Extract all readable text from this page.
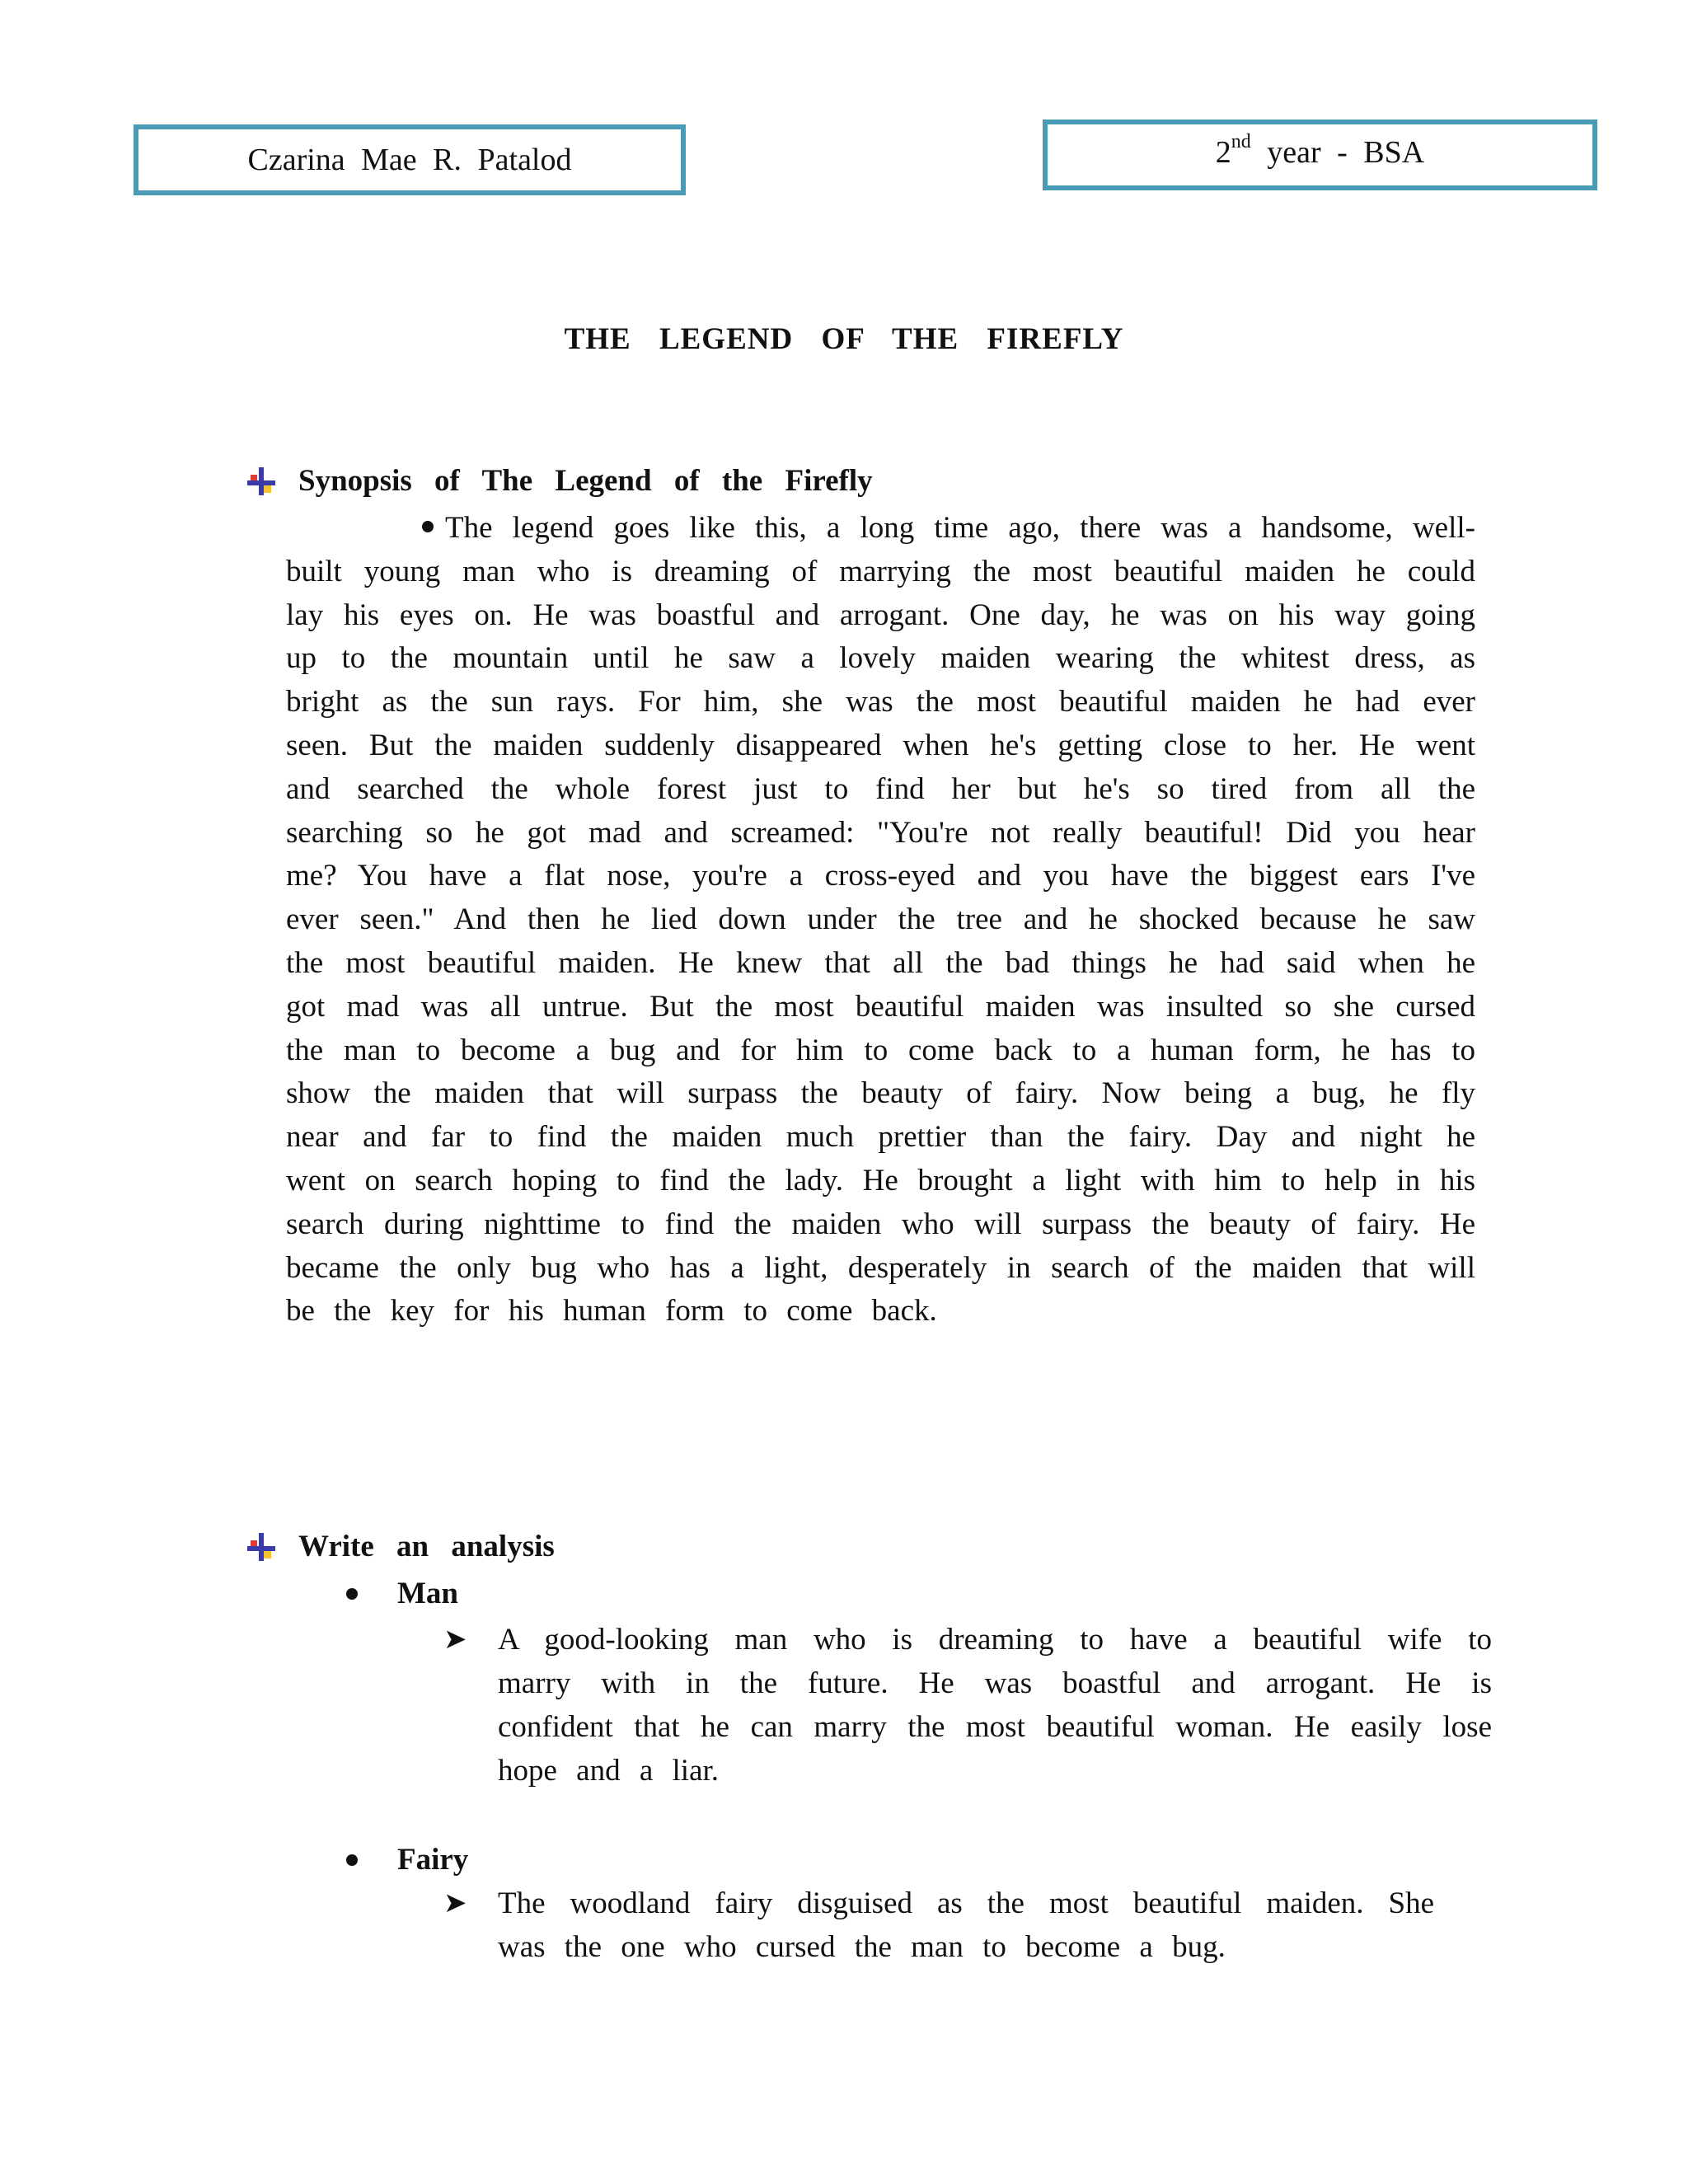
Czarina Mae R. Patalod	2nd year - BSA
THE LEGEND OF THE FIREFLY
Synopsis of The Legend of the Firefly
The legend goes like this, a long time ago, there was a handsome, well-built young man who is dreaming of marrying the most beautiful maiden he could lay his eyes on. He was boastful and arrogant. One day, he was on his way going up to the mountain until he saw a lovely maiden wearing the whitest dress, as bright as the sun rays. For him, she was the most beautiful maiden he had ever seen. But the maiden suddenly disappeared when he's getting close to her. He went and searched the whole forest just to find her but he's so tired from all the searching so he got mad and screamed: "You're not really beautiful! Did you hear me? You have a flat nose, you're a cross-eyed and you have the biggest ears I've ever seen." And then he lied down under the tree and he shocked because he saw the most beautiful maiden. He knew that all the bad things he had said when he got mad was all untrue. But the most beautiful maiden was insulted so she cursed the man to become a bug and for him to come back to a human form, he has to show the maiden that will surpass the beauty of fairy. Now being a bug, he fly near and far to find the maiden much prettier than the fairy. Day and night he went on search hoping to find the lady. He brought a light with him to help in his search during nighttime to find the maiden who will surpass the beauty of fairy. He became the only bug who has a light, desperately in search of the maiden that will be the key for his human form to come back.
Write an analysis
Man
➤ A good-looking man who is dreaming to have a beautiful wife to marry with in the future. He was boastful and arrogant. He is confident that he can marry the most beautiful woman. He easily lose hope and a liar.
Fairy
➤ The woodland fairy disguised as the most beautiful maiden. She was the one who cursed the man to become a bug.
